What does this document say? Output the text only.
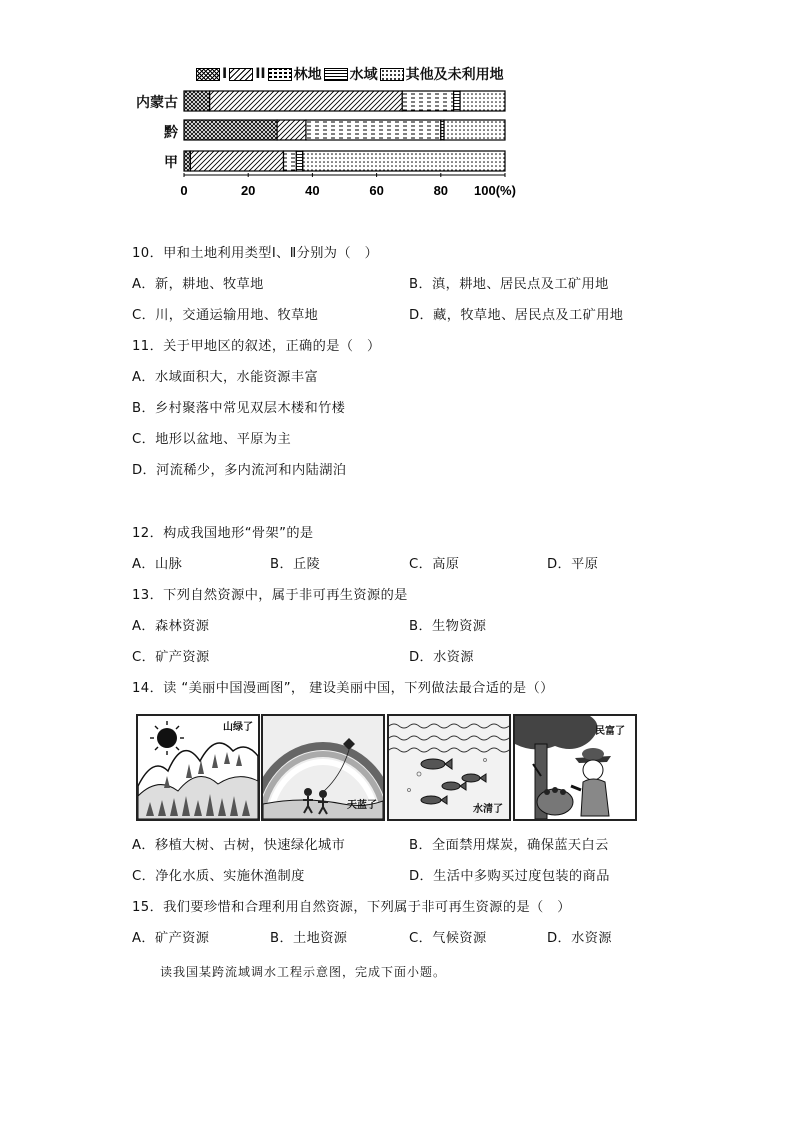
I II 林地 水域 其他及未利用地
0	20	40	60	80 100(%)
内蒙古
黔
甲
10．甲和土地利用类型Ⅰ、Ⅱ分别为（　）
A．新，耕地、牧草地	B．滇，耕地、居民点及工矿用地
C．川，交通运输用地、牧草地	D．藏，牧草地、居民点及工矿用地
11．关于甲地区的叙述，正确的是（　）
A．水域面积大，水能资源丰富
B．乡村聚落中常见双层木楼和竹楼
C．地形以盆地、平原为主
D．河流稀少，多内流河和内陆湖泊
12．构成我国地形“骨架”的是
A．山脉	B．丘陵	C．高原	D．平原
13．下列自然资源中，属于非可再生资源的是
A．森林资源	B．生物资源
C．矿产资源	D．水资源
14．读 “美丽中国漫画图”， 建设美丽中国，下列做法最合适的是（）
山绿了
天蓝了	水清了
民富了
A．移植大树、古树，快速绿化城市	B．全面禁用煤炭，确保蓝天白云
C．净化水质、实施休渔制度	D．生活中多购买过度包装的商品
15．我们要珍惜和合理利用自然资源，下列属于非可再生资源的是（　）
A．矿产资源	B．土地资源	C．气候资源	D．水资源
读我国某跨流域调水工程示意图，完成下面小题。
